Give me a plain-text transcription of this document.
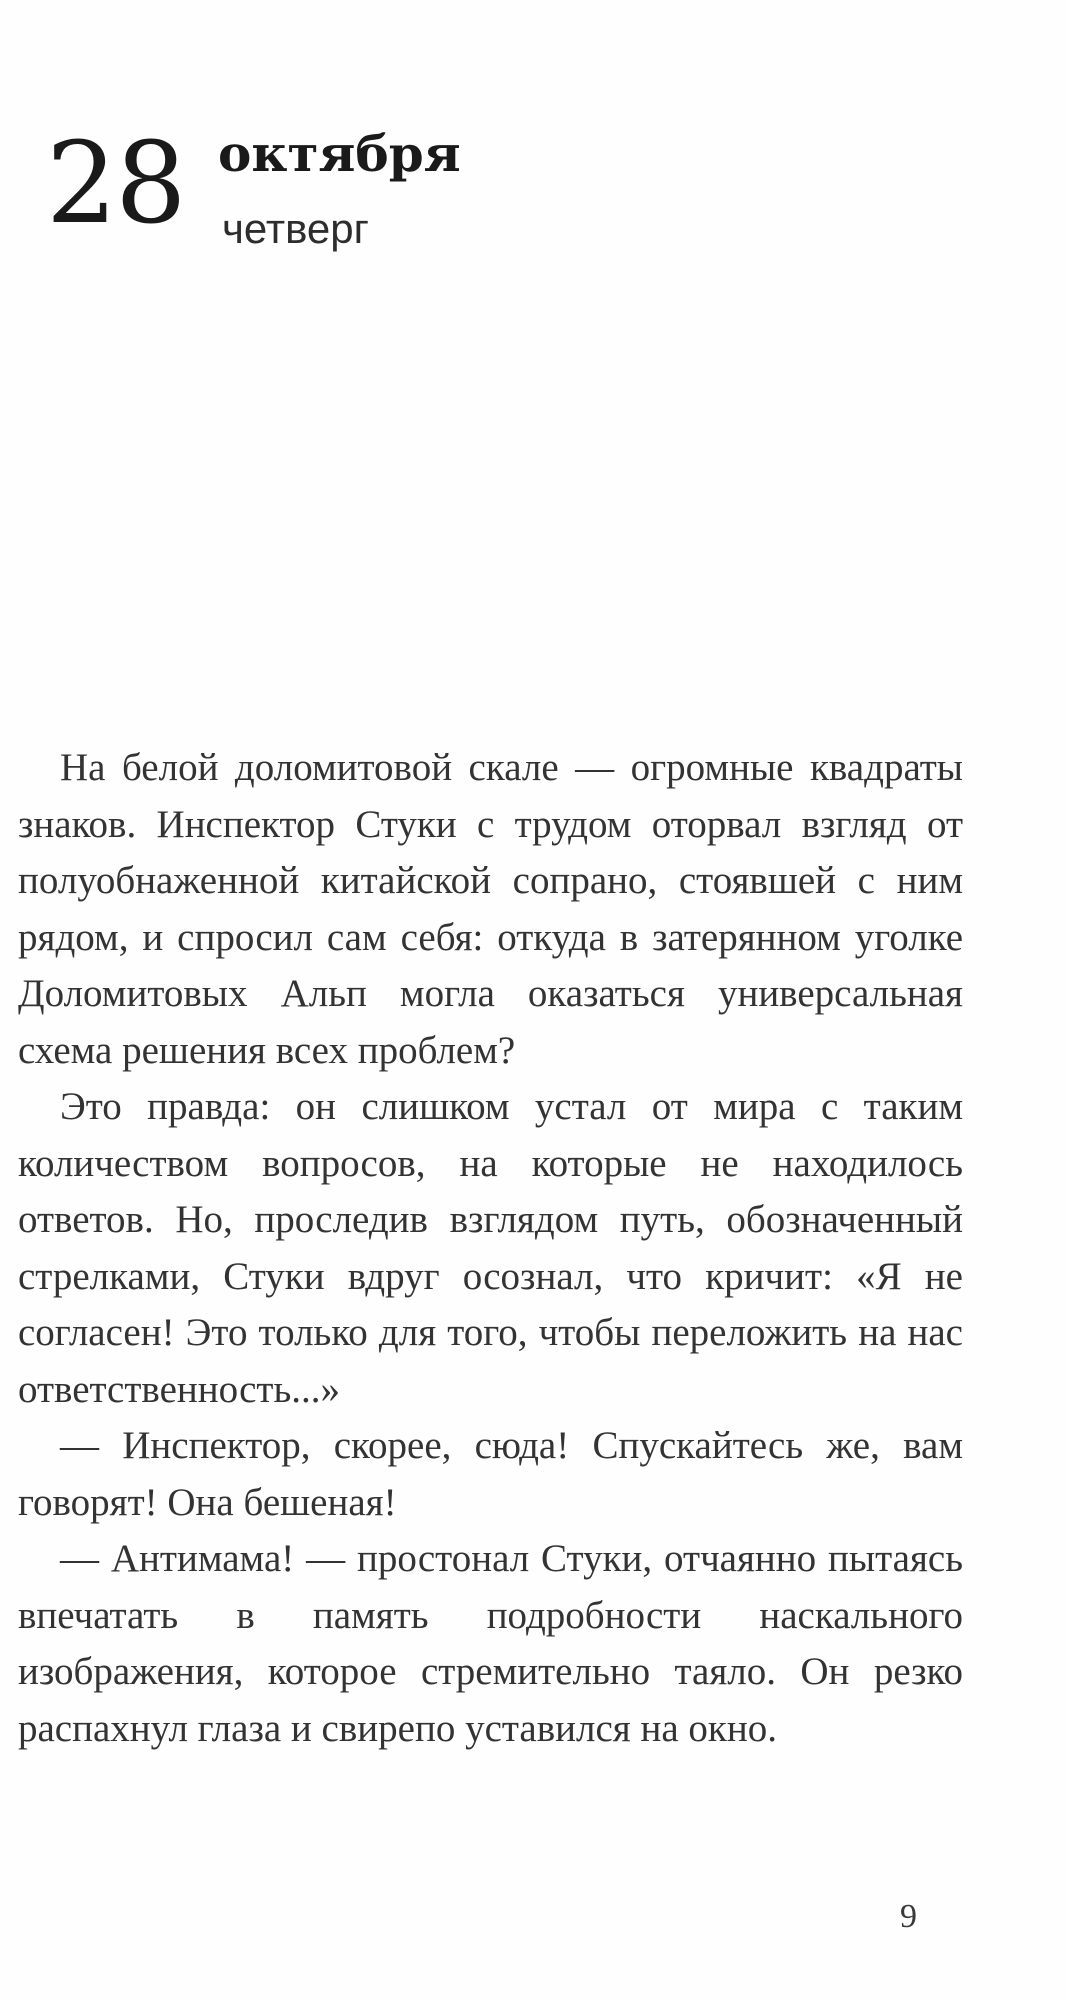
28 октября
четверг

На белой доломитовой скале — огромные квадраты знаков. Инспектор Стуки с трудом оторвал взгляд от полуобнаженной китайской сопрано, стоявшей с ним рядом, и спросил сам себя: откуда в затерянном уголке Доломитовых Альп могла оказаться универсальная схема решения всех проблем?

Это правда: он слишком устал от мира с таким количеством вопросов, на которые не находилось ответов. Но, проследив взглядом путь, обозначенный стрелками, Стуки вдруг осознал, что кричит: «Я не согласен! Это только для того, чтобы переложить на нас ответственность...»

— Инспектор, скорее, сюда! Спускайтесь же, вам говорят! Она бешеная!

— Антимама! — простонал Стуки, отчаянно пытаясь впечатать в память подробности наскального изображения, которое стремительно таяло. Он резко распахнул глаза и свирепо уставился на окно.

9
